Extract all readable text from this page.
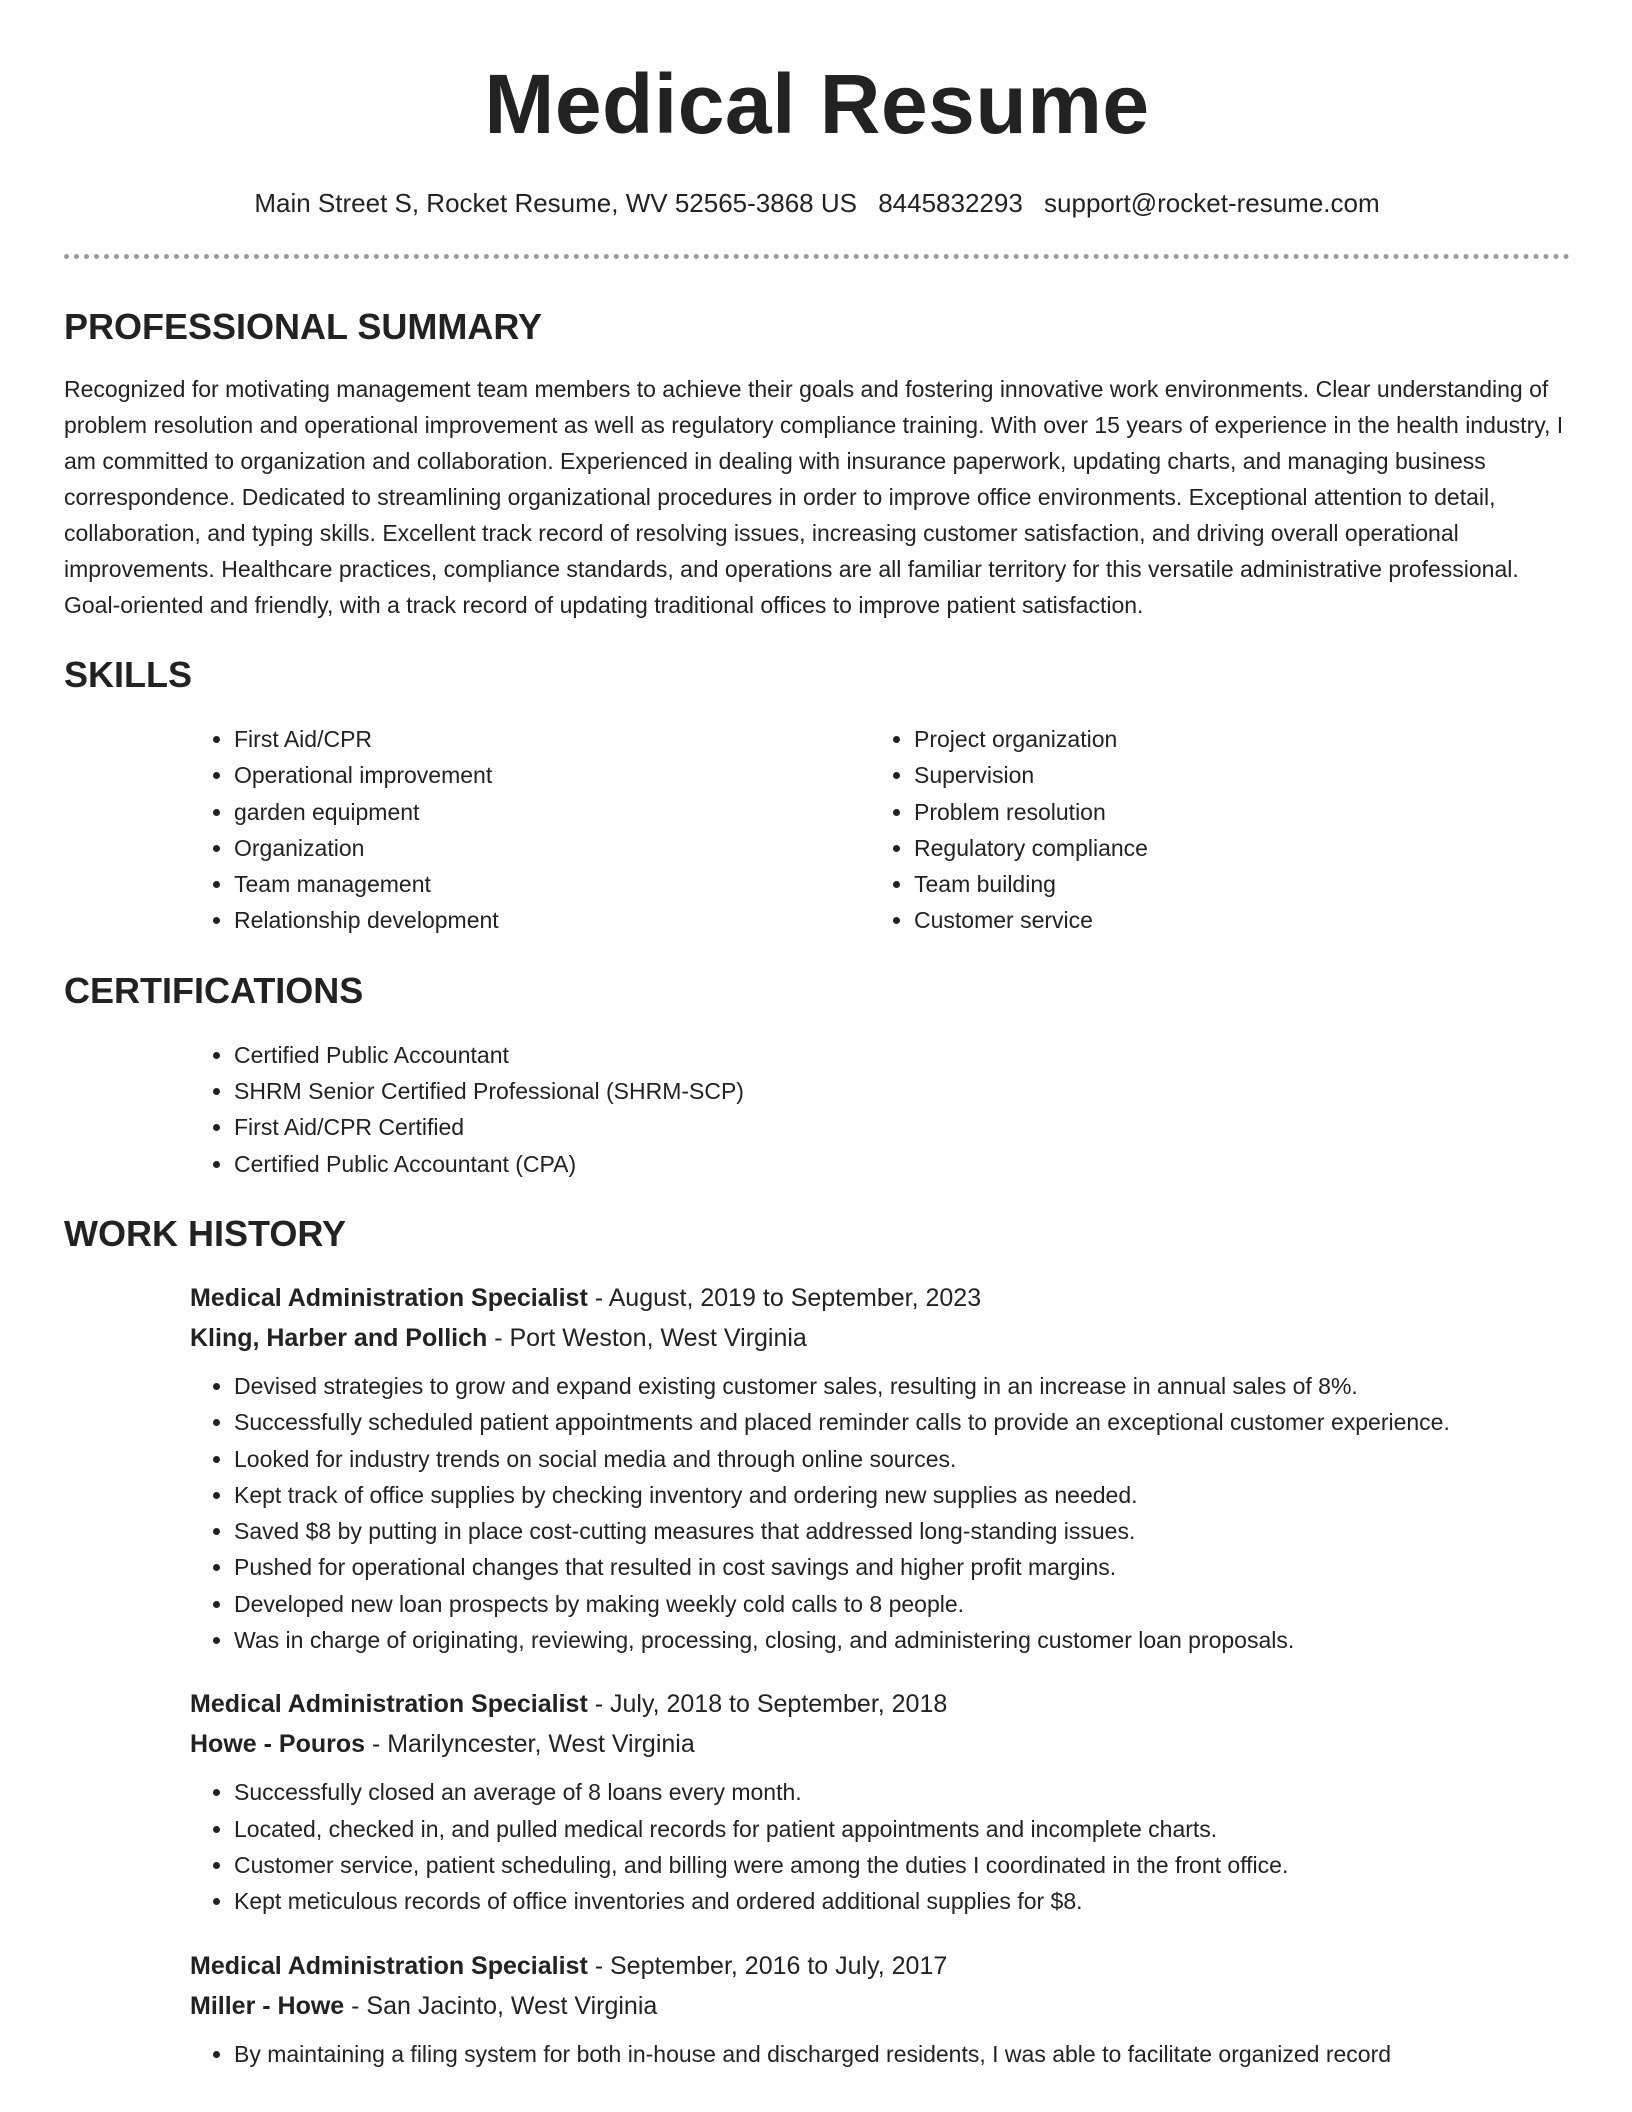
Medical Resume
Main Street S, Rocket Resume, WV 52565-3868 US 8445832293 support@rocket-resume.com
PROFESSIONAL SUMMARY

Recognized for motivating management team members to achieve their goals and fostering innovative work environments. Clear understanding of problem resolution and operational improvement as well as regulatory compliance training. With over 15 years of experience in the health industry, I am committed to organization and collaboration. Experienced in dealing with insurance paperwork, updating charts, and managing business correspondence. Dedicated to streamlining organizational procedures in order to improve office environments. Exceptional attention to detail, collaboration, and typing skills. Excellent track record of resolving issues, increasing customer satisfaction, and driving overall operational improvements. Healthcare practices, compliance standards, and operations are all familiar territory for this versatile administrative professional. Goal-oriented and friendly, with a track record of updating traditional offices to improve patient satisfaction.

SKILLS
• First Aid/CPR
• Operational improvement
• garden equipment
• Organization
• Team management
• Relationship development
• Project organization
• Supervision
• Problem resolution
• Regulatory compliance
• Team building
• Customer service
CERTIFICATIONS
• Certified Public Accountant
• SHRM Senior Certified Professional (SHRM-SCP)
• First Aid/CPR Certified
• Certified Public Accountant (CPA)
WORK HISTORY
Medical Administration Specialist - August, 2019 to September, 2023
Kling, Harber and Pollich - Port Weston, West Virginia
• Devised strategies to grow and expand existing customer sales, resulting in an increase in annual sales of 8%.
• Successfully scheduled patient appointments and placed reminder calls to provide an exceptional customer experience.
• Looked for industry trends on social media and through online sources.
• Kept track of office supplies by checking inventory and ordering new supplies as needed.
• Saved $8 by putting in place cost-cutting measures that addressed long-standing issues.
• Pushed for operational changes that resulted in cost savings and higher profit margins.
• Developed new loan prospects by making weekly cold calls to 8 people.
• Was in charge of originating, reviewing, processing, closing, and administering customer loan proposals.
Medical Administration Specialist - July, 2018 to September, 2018
Howe - Pouros - Marilyncester, West Virginia
• Successfully closed an average of 8 loans every month.
• Located, checked in, and pulled medical records for patient appointments and incomplete charts.
• Customer service, patient scheduling, and billing were among the duties I coordinated in the front office.
• Kept meticulous records of office inventories and ordered additional supplies for $8.
Medical Administration Specialist - September, 2016 to July, 2017
Miller - Howe - San Jacinto, West Virginia
• By maintaining a filing system for both in-house and discharged residents, I was able to facilitate organized record
